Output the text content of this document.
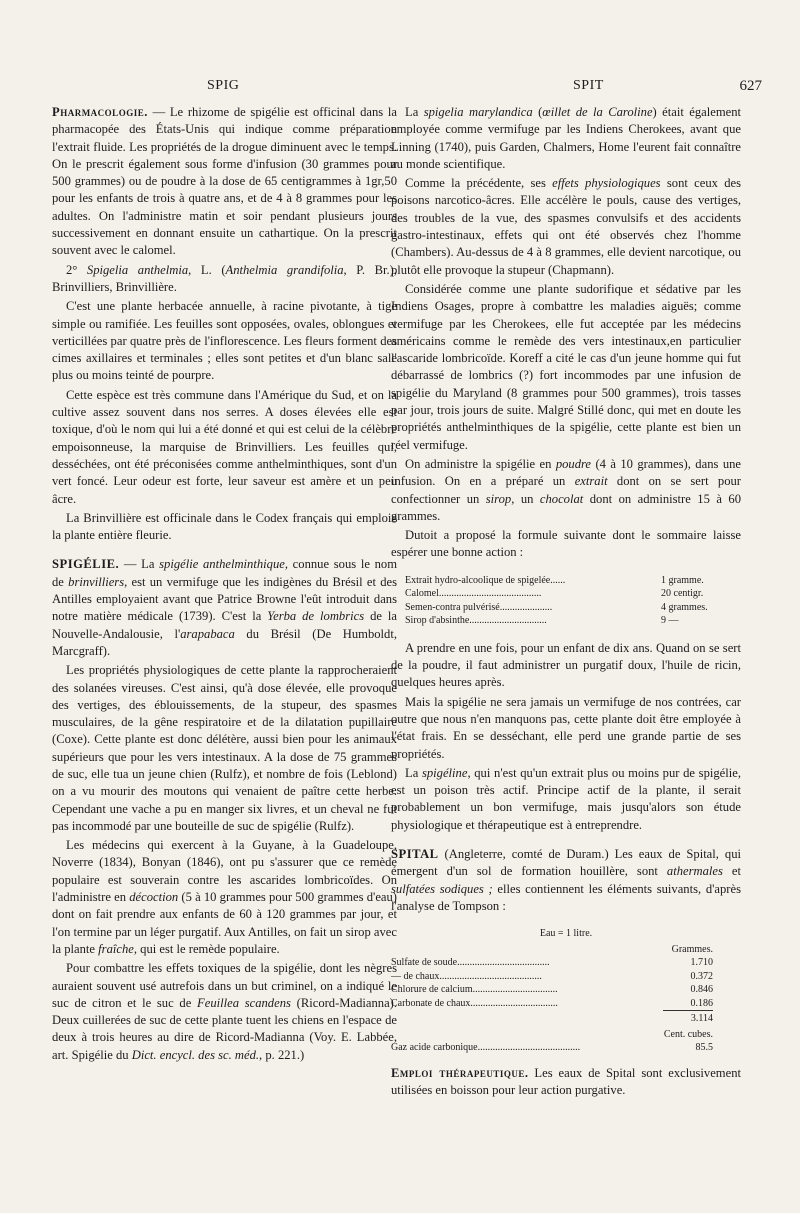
SPIG	SPIT	627

Pharmacologie. — Le rhizome de spigélie est officinal dans la pharmacopée des États-Unis qui indique comme préparation l'extrait fluide. Les propriétés de la drogue diminuent avec le temps. On le prescrit également sous forme d'infusion (30 grammes pour 500 grammes) ou de poudre à la dose de 65 centigrammes à 1gr,50 pour les enfants de trois à quatre ans, et de 4 à 8 grammes pour les adultes. On l'administre matin et soir pendant plusieurs jours successivement en donnant ensuite un cathartique. On la prescrit souvent avec le calomel.

2° Spigelia anthelmia, L. (Anthelmia grandifolia, P. Br.), Brinvilliers, Brinvillière.

C'est une plante herbacée annuelle, à racine pivotante, à tige simple ou ramifiée. Les feuilles sont opposées, ovales, oblongues et verticillées par quatre près de l'inflorescence. Les fleurs forment des cimes axillaires et terminales ; elles sont petites et d'un blanc sale plus ou moins teinté de pourpre.

Cette espèce est très commune dans l'Amérique du Sud, et on la cultive assez souvent dans nos serres. A doses élevées elle est toxique, d'où le nom qui lui a été donné et qui est celui de la célèbre empoisonneuse, la marquise de Brinvilliers. Les feuilles qui, desséchées, ont été préconisées comme anthelminthiques, sont d'un vert foncé. Leur odeur est forte, leur saveur est amère et un peu âcre.

La Brinvillière est officinale dans le Codex français qui emploie la plante entière fleurie.

SPIGÉLIE. — La spigélie anthelminthique, connue sous le nom de brinvilliers, est un vermifuge que les indigènes du Brésil et des Antilles employaient avant que Patrice Browne l'eût introduit dans notre matière médicale (1739). C'est la Yerba de lombrics de la Nouvelle-Andalousie, l'arapabaca du Brésil (De Humboldt, Marcgraff).

Les propriétés physiologiques de cette plante la rapprocheraient des solanées vireuses. C'est ainsi, qu'à dose élevée, elle provoque des vertiges, des éblouissements, de la stupeur, des spasmes musculaires, de la gêne respiratoire et de la dilatation pupillaire (Coxe). Cette plante est donc délétère, aussi bien pour les animaux supérieurs que pour les vers intestinaux. A la dose de 75 grammes de suc, elle tua un jeune chien (Rulfz), et nombre de fois (Leblond) on a vu mourir des moutons qui venaient de paître cette herbe. Cependant une vache a pu en manger six livres, et un cheval ne fut pas incommodé par une bouteille de suc de spigélie (Rulfz).

Les médecins qui exercent à la Guyane, à la Guadeloupe, Noverre (1834), Bonyan (1846), ont pu s'assurer que ce remède populaire est souverain contre les ascarides lombricoïdes. On l'administre en décoction (5 à 10 grammes pour 500 grammes d'eau) dont on fait prendre aux enfants de 60 à 120 grammes par jour, et l'on termine par un léger purgatif. Aux Antilles, on fait un sirop avec la plante fraîche, qui est le remède populaire.

Pour combattre les effets toxiques de la spigélie, dont les nègres auraient souvent usé autrefois dans un but criminel, on a indiqué le suc de citron et le suc de Feuillea scandens (Ricord-Madianna). Deux cuillerées de suc de cette plante tuent les chiens en l'espace de deux à trois heures au dire de Ricord-Madianna (Voy. E. Labbée, art. Spigélie du Dict. encycl. des sc. méd., p. 221.)

La spigelia marylandica (œillet de la Caroline) était également employée comme vermifuge par les Indiens Cherokees, avant que Linning (1740), puis Garden, Chalmers, Home l'eurent fait connaître au monde scientifique.

Comme la précédente, ses effets physiologiques sont ceux des poisons narcotico-âcres. Elle accélère le pouls, cause des vertiges, des troubles de la vue, des spasmes convulsifs et des accidents gastro-intestinaux, effets qui ont été observés chez l'homme (Chambers). Au-dessus de 4 à 8 grammes, elle devient narcotique, ou plutôt elle provoque la stupeur (Chapmann).

Considérée comme une plante sudorifique et sédative par les Indiens Osages, propre à combattre les maladies aiguës; comme vermifuge par les Cherokees, elle fut acceptée par les médecins américains comme le remède des vers intestinaux,en particulier l'ascaride lombricoïde. Koreff a cité le cas d'un jeune homme qui fut débarrassé de lombrics (?) fort incommodes par une infusion de spigélie du Maryland (8 grammes pour 500 grammes), trois tasses par jour, trois jours de suite. Malgré Stillé donc, qui met en doute les propriétés anthelminthiques de la spigélie, cette plante est bien un réel vermifuge.

On administre la spigélie en poudre (4 à 10 grammes), dans une infusion. On en a préparé un extrait dont on se sert pour confectionner un sirop, un chocolat dont on administre 15 à 60 grammes.

Dutoit a proposé la formule suivante dont le sommaire laisse espérer une bonne action :

Extrait hydro-alcoolique de spigelée......	1 gramme.
Calomel.........................................	20 centigr.
Semen-contra pulvérisé.....................	4 grammes.
Sirop d'absinthe...............................	9 —

A prendre en une fois, pour un enfant de dix ans. Quand on se sert de la poudre, il faut administrer un purgatif doux, l'huile de ricin, quelques heures après.

Mais la spigélie ne sera jamais un vermifuge de nos contrées, car outre que nous n'en manquons pas, cette plante doit être employée à l'état frais. En se desséchant, elle perd une grande partie de ses propriétés.

La spigéline, qui n'est qu'un extrait plus ou moins pur de spigélie, est un poison très actif. Principe actif de la plante, il serait probablement un bon vermifuge, mais jusqu'alors son étude physiologique et thérapeutique est à entreprendre.

SPITAL (Angleterre, comté de Duram.) Les eaux de Spital, qui émergent d'un sol de formation houillère, sont athermales et sulfatées sodiques ; elles contiennent les éléments suivants, d'après l'analyse de Tompson :

Eau = 1 litre.
Grammes.
Sulfate de soude.....................................	1.710
— de chaux.........................................	0.372
Chlorure de calcium..................................	0.846
Carbonate de chaux...................................	0.186
3.114
Cent. cubes.
Gaz acide carbonique.........................................	85.5

Emploi thérapeutique. Les eaux de Spital sont exclusivement utilisées en boisson pour leur action purgative.
